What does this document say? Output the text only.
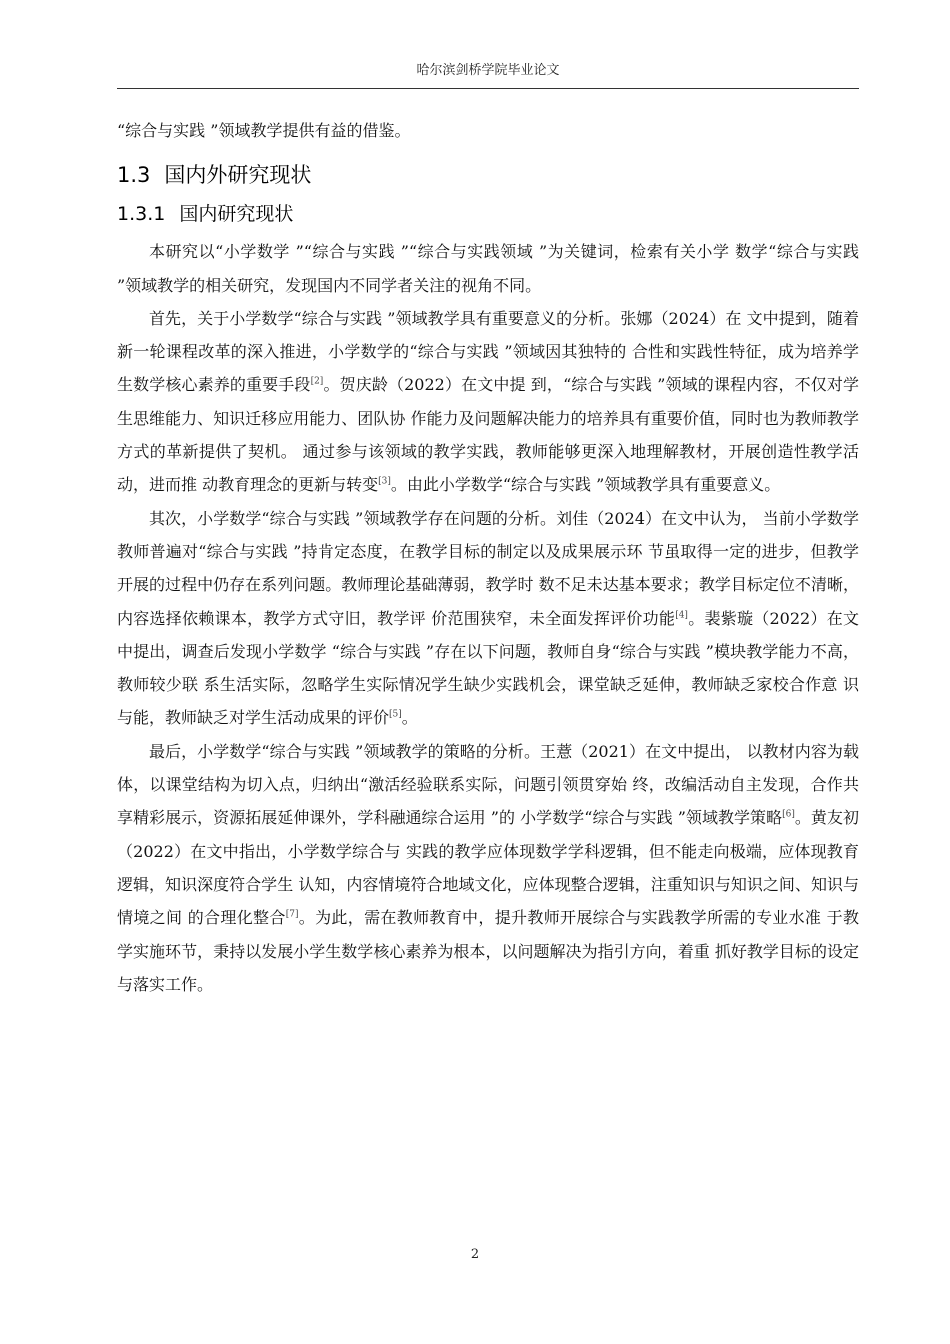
哈尔滨剑桥学院毕业论文

“综合与实践 ”领域教学提供有益的借鉴。

1.3 国内外研究现状
1.3.1 国内研究现状

本研究以“小学数学 ”“综合与实践 ”“综合与实践领域 ”为关键词，检索有关小学 数学“综合与实践 ”领域教学的相关研究，发现国内不同学者关注的视角不同。

首先，关于小学数学“综合与实践 ”领域教学具有重要意义的分析。张娜（2024）在 文中提到，随着新一轮课程改革的深入推进，小学数学的“综合与实践 ”领域因其独特的 合性和实践性特征，成为培养学生数学核心素养的重要手段[2]。贺庆龄（2022）在文中提 到，“综合与实践 ”领域的课程内容，不仅对学生思维能力、知识迁移应用能力、团队协 作能力及问题解决能力的培养具有重要价值，同时也为教师教学方式的革新提供了契机。 通过参与该领域的教学实践，教师能够更深入地理解教材，开展创造性教学活动，进而推 动教育理念的更新与转变[3]。由此小学数学“综合与实践 ”领域教学具有重要意义。

其次，小学数学“综合与实践 ”领域教学存在问题的分析。刘佳（2024）在文中认为， 当前小学数学教师普遍对“综合与实践 ”持肯定态度，在教学目标的制定以及成果展示环 节虽取得一定的进步，但教学开展的过程中仍存在系列问题。教师理论基础薄弱，教学时 数不足未达基本要求；教学目标定位不清晰，内容选择依赖课本，教学方式守旧，教学评 价范围狭窄，未全面发挥评价功能[4]。裴紫璇（2022）在文中提出，调查后发现小学数学 “综合与实践 ”存在以下问题，教师自身“综合与实践 ”模块教学能力不高，教师较少联 系生活实际，忽略学生实际情况学生缺少实践机会，课堂缺乏延伸，教师缺乏家校合作意 识与能，教师缺乏对学生活动成果的评价[5]。

最后，小学数学“综合与实践 ”领域教学的策略的分析。王薏（2021）在文中提出， 以教材内容为载体，以课堂结构为切入点，归纳出“激活经验联系实际，问题引领贯穿始 终，改编活动自主发现，合作共享精彩展示，资源拓展延伸课外，学科融通综合运用 ”的 小学数学“综合与实践 ”领域教学策略[6]。黄友初（2022）在文中指出，小学数学综合与 实践的教学应体现数学学科逻辑，但不能走向极端，应体现教育逻辑，知识深度符合学生 认知，内容情境符合地域文化，应体现整合逻辑，注重知识与知识之间、知识与情境之间 的合理化整合[7]。为此，需在教师教育中，提升教师开展综合与实践教学所需的专业水准 于教学实施环节，秉持以发展小学生数学核心素养为根本，以问题解决为指引方向，着重 抓好教学目标的设定与落实工作。

2
